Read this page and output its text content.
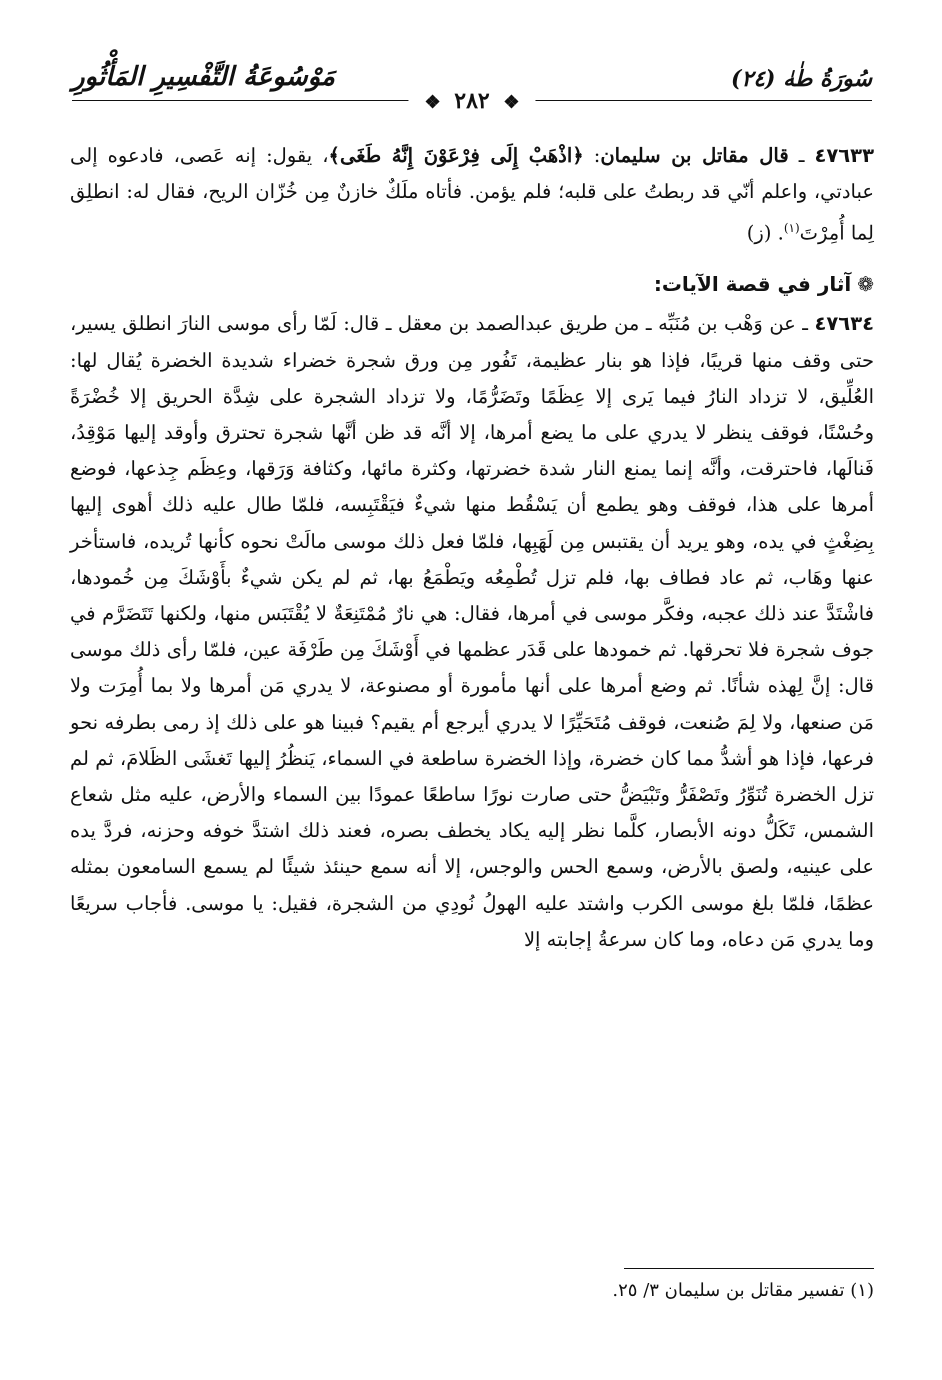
مَوْسُوعَةُ التَّفْسِيرِ المَأْثُورِ	سُورَةُ طٰهٰ (٢٤)
❖ ٢٨٢ ❖

٤٧٦٣٣ ـ قال مقاتل بن سليمان: ﴿اذْهَبْ إِلَى فِرْعَوْنَ إِنَّهُ طَغَى﴾، يقول: إنه عَصى، فادعوه إلى عبادتي، واعلم أنّي قد ربطتُ على قلبه؛ فلم يؤمن. فأتاه ملَكٌ خازنٌ مِن خُزّان الريح، فقال له: انطلِق لِما أُمِرْتَ$^{(١)}$. (ز)

❁آثار في قصة الآيات:

٤٧٦٣٤ ـ عن وَهْب بن مُنَبِّه ـ من طريق عبدالصمد بن معقل ـ قال: لَمّا رأى موسى النارَ انطلق يسير، حتى وقف منها قريبًا، فإذا هو بنار عظيمة، تَفُور مِن ورق شجرة خضراء شديدة الخضرة يُقال لها: العُلِّيق، لا تزداد النارُ فيما يَرى إلا عِظَمًا وتَضَرُّمًا، ولا تزداد الشجرة على شِدَّة الحريق إلا خُضْرَةً وحُسْنًا، فوقف ينظر لا يدري على ما يضع أمرها، إلا أنَّه قد ظن أنَّها شجرة تحترق وأوقد إليها مَوْقِدُ، فَنالَها، فاحترقت، وأنَّه إنما يمنع النار شدة خضرتها، وكثرة مائها، وكثافة وَرَقها، وعِظَم جِذعها، فوضع أمرها على هذا، فوقف وهو يطمع أن يَسْقُط منها شيءٌ فيَقْتَبِسه، فلمّا طال عليه ذلك أهوى إليها بِضِغْثٍ في يده، وهو يريد أن يقتبس مِن لَهَبِها، فلمّا فعل ذلك موسى مالَتْ نحوه كأنها تُريده، فاستأخر عنها وهَاب، ثم عاد فطاف بها، فلم تزل تُطْمِعُه ويَطْمَعُ بها، ثم لم يكن شيءٌ بأَوْشَكَ مِن خُمودها، فاشْتَدَّ عند ذلك عجبه، وفكَّر موسى في أمرها، فقال: هي نارٌ مُمْتَنِعَةٌ لا يُقْتَبَس منها، ولكنها تَتَضَرَّم في جوف شجرة فلا تحرقها. ثم خمودها على قَدَر عظمها في أَوْشَكَ مِن طَرْفَة عين، فلمّا رأى ذلك موسى قال: إنَّ لِهذه شأنًا. ثم وضع أمرها على أنها مأمورة أو مصنوعة، لا يدري مَن أمرها ولا بما أُمِرَت ولا مَن صنعها، ولا لِمَ صُنعت، فوقف مُتَحَيِّرًا لا يدري أيرجع أم يقيم؟ فبينا هو على ذلك إذ رمى بطرفه نحو فرعها، فإذا هو أشدُّ مما كان خضرة، وإذا الخضرة ساطعة في السماء، يَنظُرُ إليها تَغشَى الظَلامَ، ثم لم تزل الخضرة تُنَوِّرُ وتَصْفَرُّ وتَبْيَضُّ حتى صارت نورًا ساطعًا عمودًا بين السماء والأرض، عليه مثل شعاع الشمس، تَكَلُّ دونه الأبصار، كلَّما نظر إليه يكاد يخطف بصره، فعند ذلك اشتدَّ خوفه وحزنه، فردَّ يده على عينيه، ولصق بالأرض، وسمع الحس والوجس، إلا أنه سمع حينئذ شيئًا لم يسمع السامعون بمثله عظمًا، فلمّا بلغ موسى الكرب واشتد عليه الهولُ نُودِي من الشجرة، فقيل: يا موسى. فأجاب سريعًا وما يدري مَن دعاه، وما كان سرعةُ إجابته إلا

(١) تفسير مقاتل بن سليمان ٣/ ٢٥.
